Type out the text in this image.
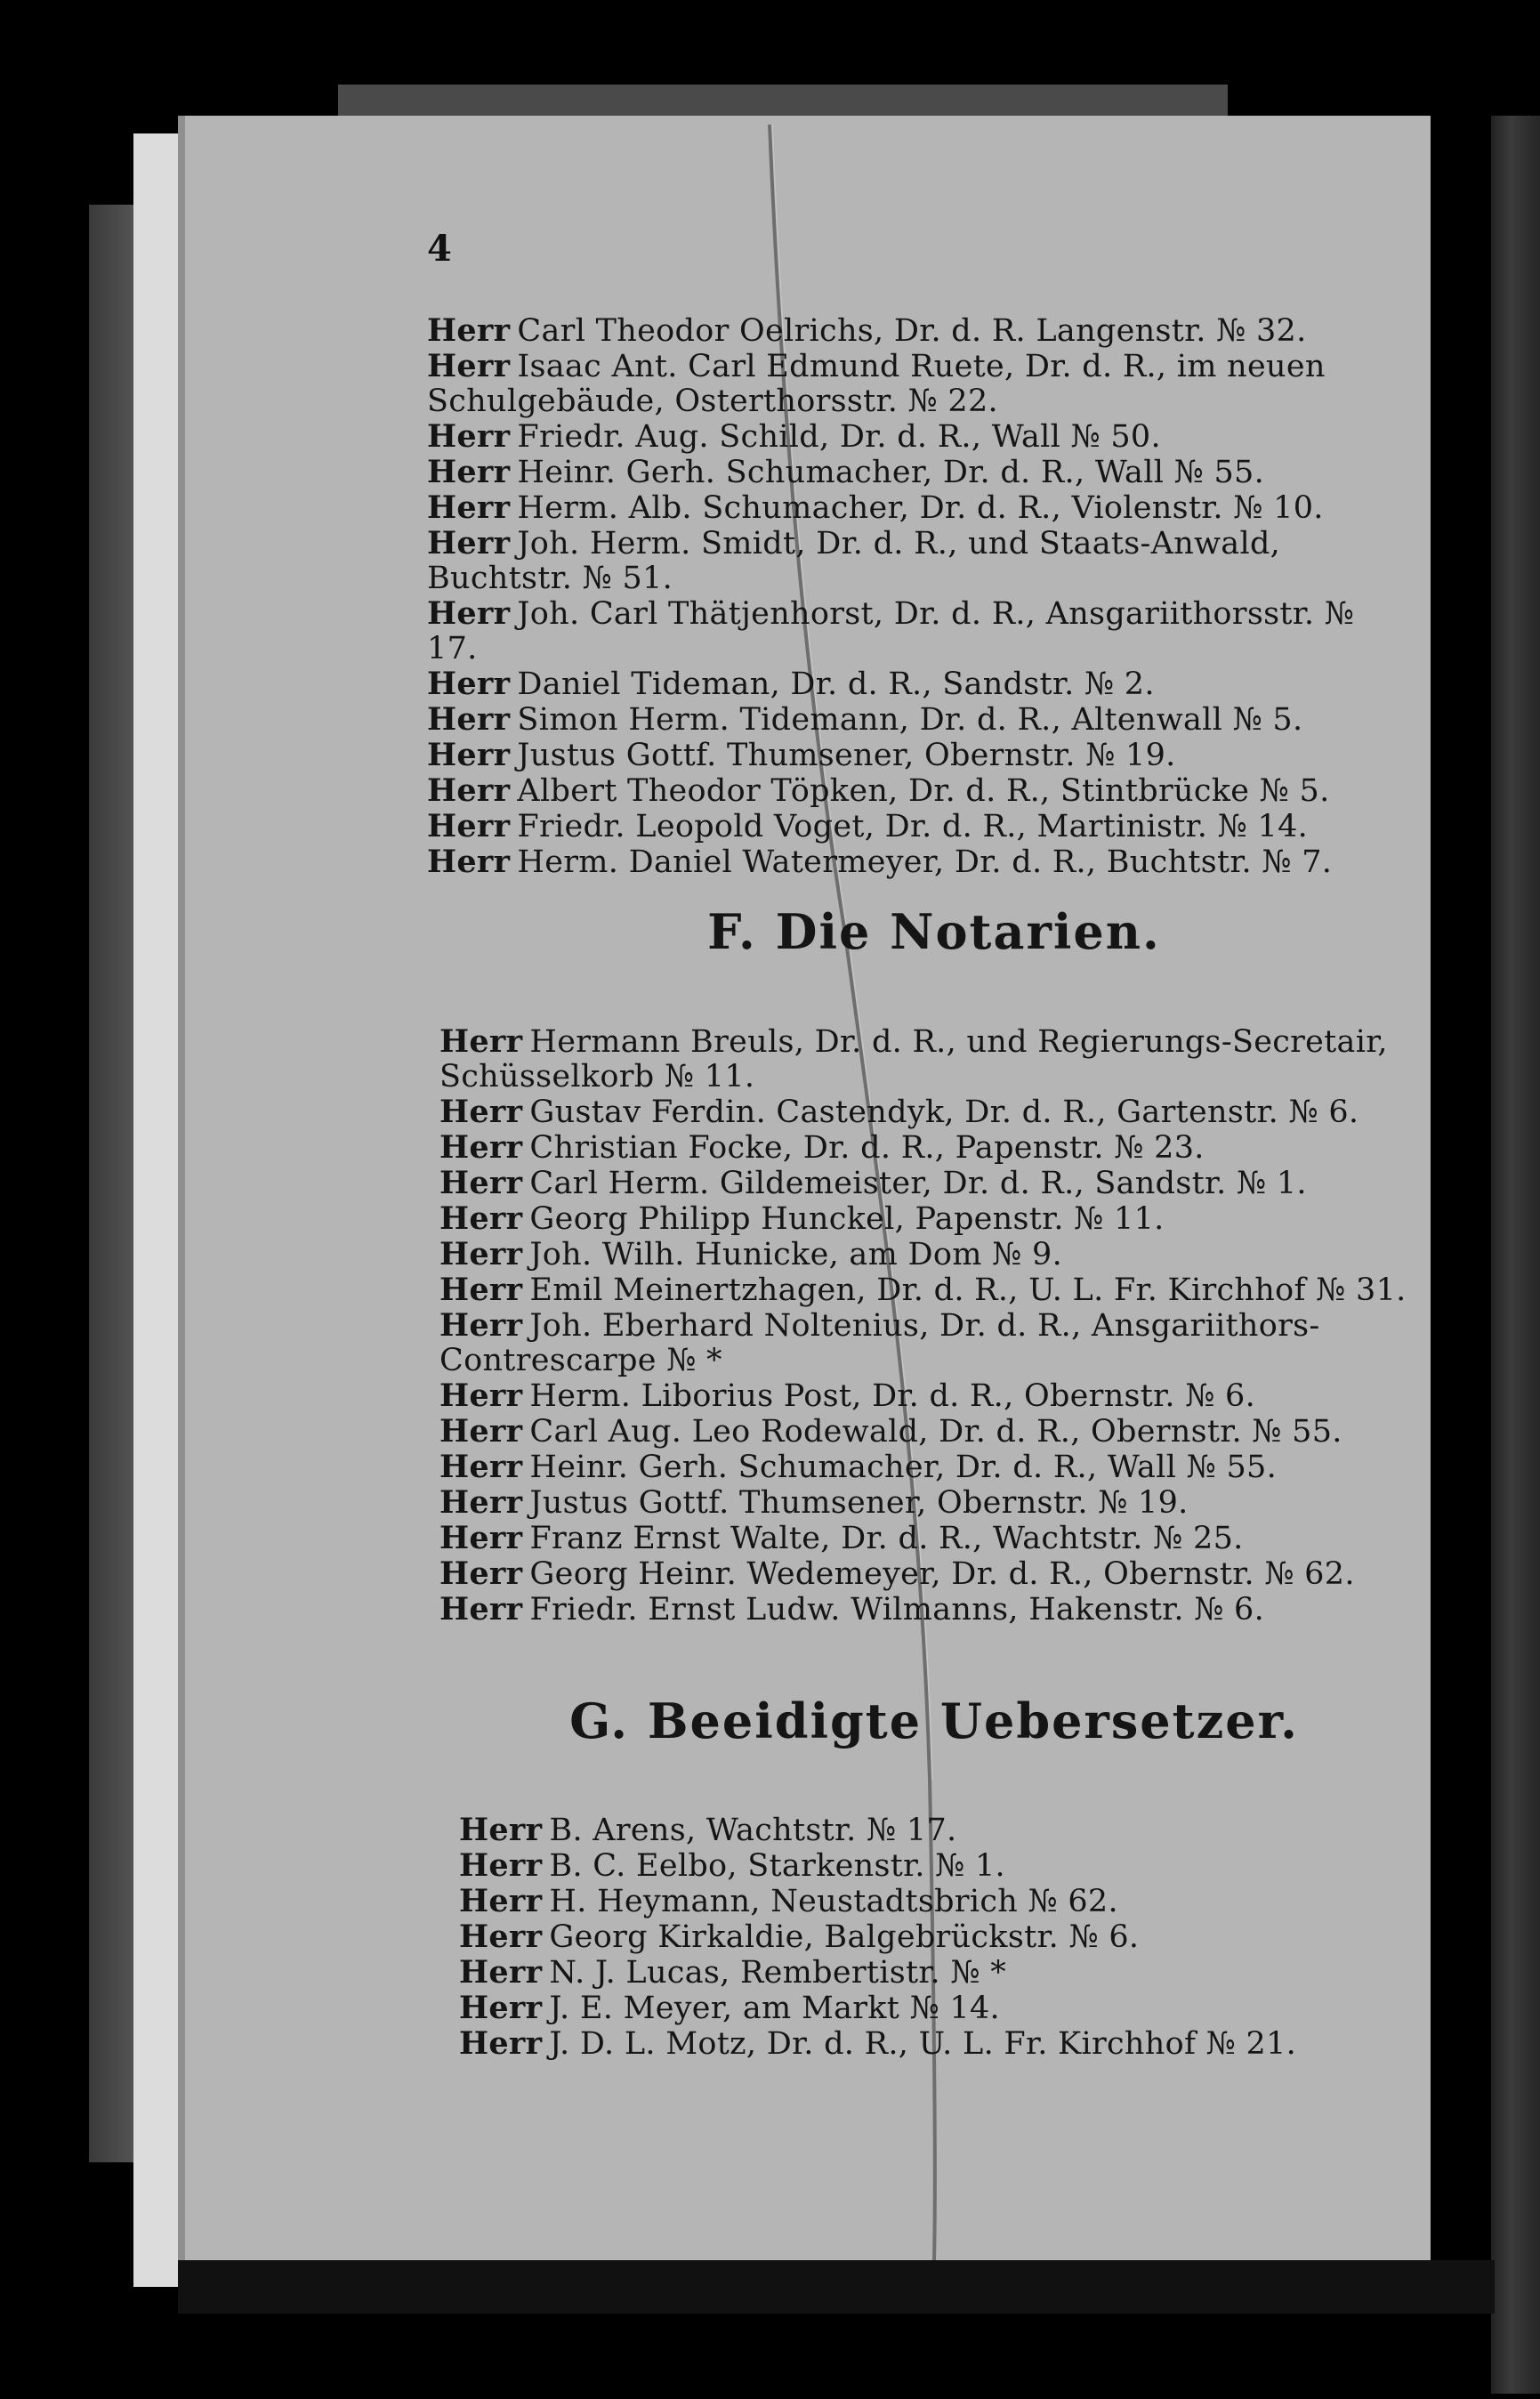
4

Herr Carl Theodor Oelrichs, Dr. d. R. Langenstr. № 32.

Herr Isaac Ant. Carl Edmund Ruete, Dr. d. R., im neuen Schulgebäude, Osterthorsstr. № 22.

Herr Friedr. Aug. Schild, Dr. d. R., Wall № 50.

Herr Heinr. Gerh. Schumacher, Dr. d. R., Wall № 55.

Herr Herm. Alb. Schumacher, Dr. d. R., Violenstr. № 10.

Herr Joh. Herm. Smidt, Dr. d. R., und Staats-Anwald, Buchtstr. № 51.

Herr Joh. Carl Thätjenhorst, Dr. d. R., Ansgariithorsstr. № 17.

Herr Daniel Tideman, Dr. d. R., Sandstr. № 2.

Herr Simon Herm. Tidemann, Dr. d. R., Altenwall № 5.

Herr Justus Gottf. Thumsener, Obernstr. № 19.

Herr Albert Theodor Töpken, Dr. d. R., Stintbrücke № 5.

Herr Friedr. Leopold Voget, Dr. d. R., Martinistr. № 14.

Herr Herm. Daniel Watermeyer, Dr. d. R., Buchtstr. № 7.

F. Die Notarien.

Herr Hermann Breuls, Dr. d. R., und Regierungs-Secretair, Schüsselkorb № 11.

Herr Gustav Ferdin. Castendyk, Dr. d. R., Gartenstr. № 6.

Herr Christian Focke, Dr. d. R., Papenstr. № 23.

Herr Carl Herm. Gildemeister, Dr. d. R., Sandstr. № 1.

Herr Georg Philipp Hunckel, Papenstr. № 11.

Herr Joh. Wilh. Hunicke, am Dom № 9.

Herr Emil Meinertzhagen, Dr. d. R., U. L. Fr. Kirchhof № 31.

Herr Joh. Eberhard Noltenius, Dr. d. R., Ansgariithors-Contrescarpe № *

Herr Herm. Liborius Post, Dr. d. R., Obernstr. № 6.

Herr Carl Aug. Leo Rodewald, Dr. d. R., Obernstr. № 55.

Herr Heinr. Gerh. Schumacher, Dr. d. R., Wall № 55.

Herr Justus Gottf. Thumsener, Obernstr. № 19.

Herr Franz Ernst Walte, Dr. d. R., Wachtstr. № 25.

Herr Georg Heinr. Wedemeyer, Dr. d. R., Obernstr. № 62.

Herr Friedr. Ernst Ludw. Wilmanns, Hakenstr. № 6.

G. Beeidigte Uebersetzer.

Herr B. Arens, Wachtstr. № 17.

Herr B. C. Eelbo, Starkenstr. № 1.

Herr H. Heymann, Neustadtsbrich № 62.

Herr Georg Kirkaldie, Balgebrückstr. № 6.

Herr N. J. Lucas, Rembertistr. № *

Herr J. E. Meyer, am Markt № 14.

Herr J. D. L. Motz, Dr. d. R., U. L. Fr. Kirchhof № 21.
